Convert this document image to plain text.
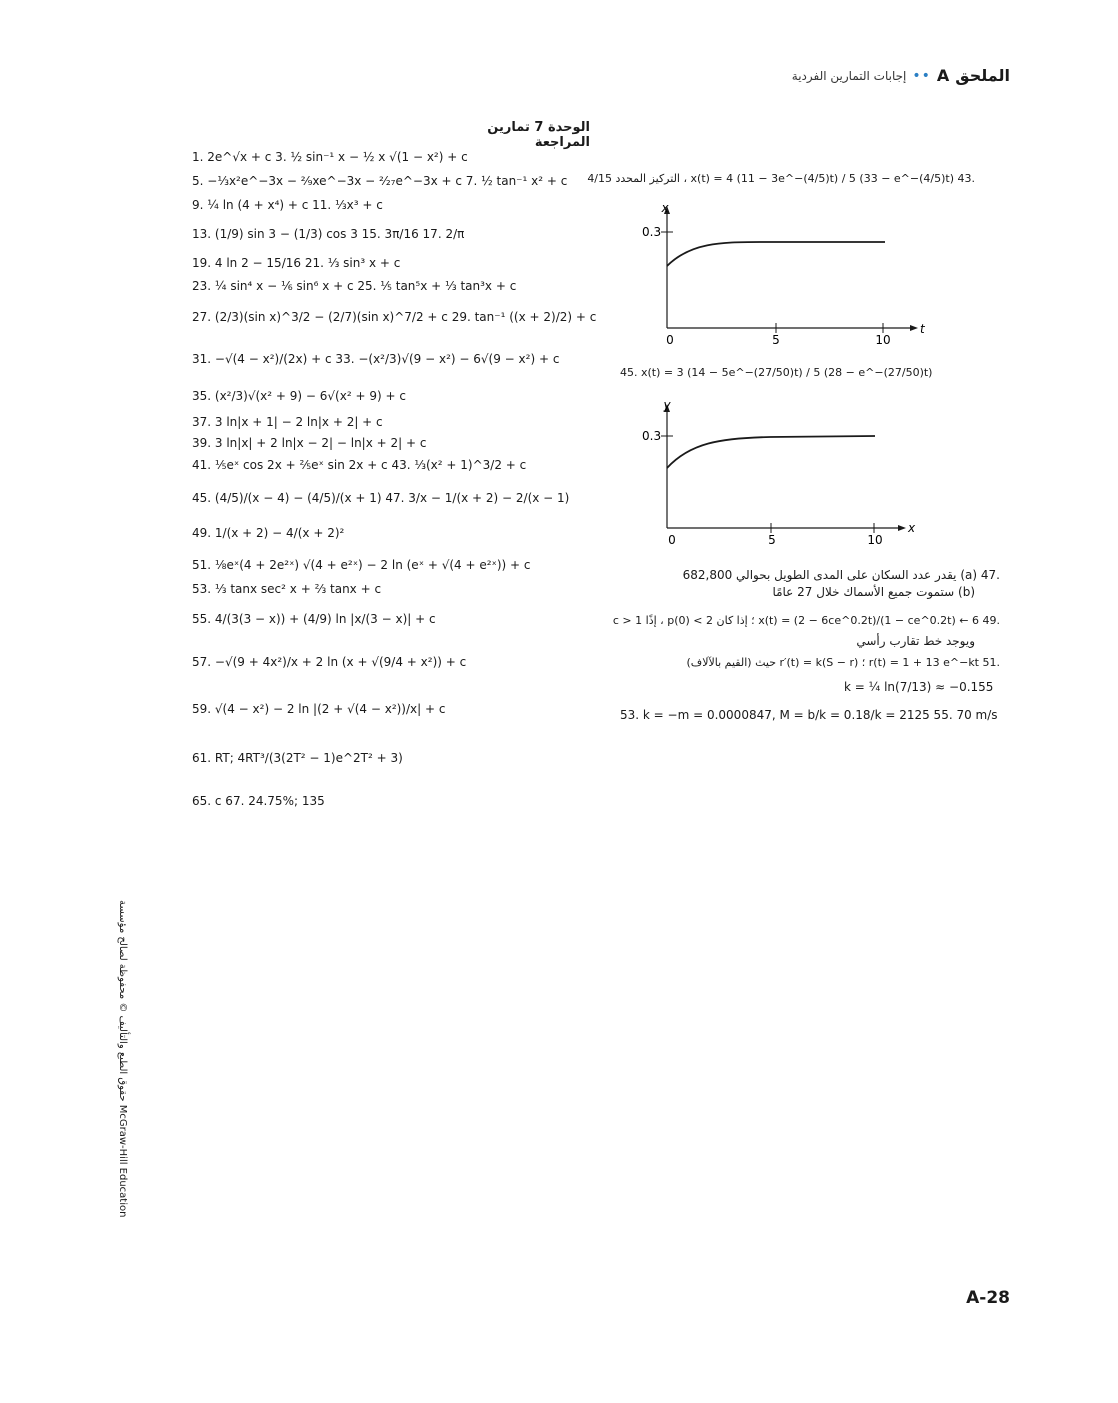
الملحق
A
••
إجابات التمارين الفردية
الوحدة 7 تمارين المراجعة
1. 2e^√x + c 3. ½ sin⁻¹ x − ½ x √(1 − x²) + c
5. −⅓x²e^−3x − ²⁄₉xe^−3x − ²⁄₂₇e^−3x + c 7. ½ tan⁻¹ x² + c
9. ¼ ln (4 + x⁴) + c 11. ⅓x³ + c
13. (1/9) sin 3 − (1/3) cos 3 15. 3π/16 17. 2/π
19. 4 ln 2 − 15/16 21. ⅓ sin³ x + c
23. ¼ sin⁴ x − ⅙ sin⁶ x + c 25. ⅕ tan⁵x + ⅓ tan³x + c
27. (2/3)(sin x)^3/2 − (2/7)(sin x)^7/2 + c 29. tan⁻¹ ((x + 2)/2) + c
31. −√(4 − x²)/(2x) + c 33. −(x²/3)√(9 − x²) − 6√(9 − x²) + c
35. (x²/3)√(x² + 9) − 6√(x² + 9) + c
37. 3 ln|x + 1| − 2 ln|x + 2| + c
39. 3 ln|x| + 2 ln|x − 2| − ln|x + 2| + c
41. ⅕eˣ cos 2x + ⅖eˣ sin 2x + c 43. ⅓(x² + 1)^3/2 + c
45. (4/5)/(x − 4) − (4/5)/(x + 1) 47. 3/x − 1/(x + 2) − 2/(x − 1)
49. 1/(x + 2) − 4/(x + 2)²
51. ⅛eˣ(4 + 2e²ˣ) √(4 + e²ˣ) − 2 ln (eˣ + √(4 + e²ˣ)) + c
53. ⅓ tanx sec² x + ⅔ tanx + c
55. 4/(3(3 − x)) + (4/9) ln |x/(3 − x)| + c
57. −√(9 + 4x²)/x + 2 ln (x + √(9/4 + x²)) + c
59. √(4 − x²) − 2 ln |(2 + √(4 − x²))/x| + c
61. RT; 4RT³/(3(2T² − 1)e^2T² + 3)
65. c 67. 24.75%; 135
.43 x(t) = 4 (11 − 3e^−(4/5)t) / 5 (33 − e^−(4/5)t) ، التركيز المحدد 4/15
x
t
0.3
0	5	10
45. x(t) = 3 (14 − 5e^−(27/50)t) / 5 (28 − e^−(27/50)t)
y
x
0.3
0	5	10
.47 (a) يقدر عدد السكان على المدى الطويل بحوالي 682,800
(b) ستموت جميع الأسماك خلال 27 عامًا
.49 6 ← x(t) = (2 − 6ce^0.2t)/(1 − ce^0.2t) ؛ إذا كان 2 > p(0) ، إذًا c > 1
ويوجد خط تقارب رأسي
.51 r(t) = 1 + 13 e^−kt ؛ r′(t) = k(S − r) حيث (القيم بالآلاف)
k = ¼ ln(7/13) ≈ −0.155
53. k = −m = 0.0000847, M = b/k = 0.18/k = 2125 55. 70 m/s
حقوق الطبع والتأليف © محفوظة لصالح مؤسسة McGraw-Hill Education
A-28
